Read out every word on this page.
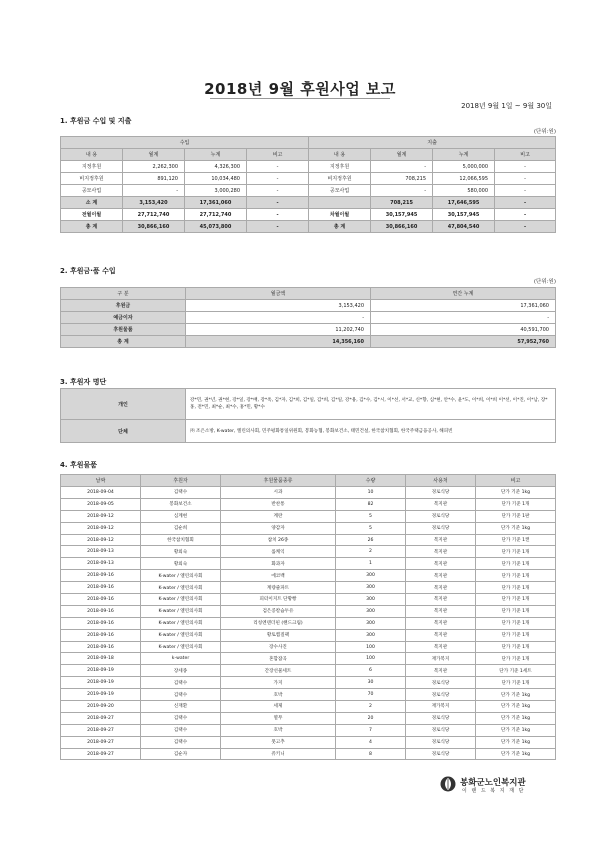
2018년 9월 후원사업 보고
2018년 9월 1일 ~ 9월 30일
1. 후원금 수입 및 지출
(단위:원)
수입				지출			
내 용	월계	누계	비고	내 용	월계	누계	비고
지정후원	2,262,300	4,326,300	-	지정후원	-	5,000,000	-
비지정후원	891,120	10,034,480	-	비지정후원	708,215	12,066,595	-
공모사업	-	3,000,280	-	공모사업	-	580,000	-
소 계	3,153,420	17,361,060	-		708,215	17,646,595	-
전월이월	27,712,740	27,712,740	-	차월이월	30,157,945	30,157,945	-
총 계	30,866,160	45,073,800	-	총 계	30,866,160	47,804,540	-
2. 후원금·품 수입
(단위:원)
구 분	월금액	연간 누계
후원금	3,153,420	17,361,060
예금이자	-	-
후원물품	11,202,740	40,591,700
총 계	14,356,160	57,952,760
3. 후원자 명단
개인	강*민, 권*년, 권*현, 강*일, 강*배, 강*옥, 김*자, 김*희, 김*일, 김*희, 김*일, 강*용, 김*수, 김*시, 이*선, 서*교, 신*향, 심*현, 안*수, 윤*도, 이*희, 이*희 이*선, 이*진, 이*남, 장*홍, 전*민, 최*순, 최*수, 홍*민, 황*수
단체	㈜ 조은소방, K-water, 엘린의사회, 민주평화통일위원회, 봉화농협, 봉화보건소, 태민건설, 한국참치협회, 한국주택금융공사, 해피빈
4. 후원물품
날짜	후원자	후원물품종류	수량	사용처	비고
2018-09-04	김택수	시과	10	경로식당	단가 기준 1kg
2018-09-05	봉화보건소	반찬통	82	복지관	단가 기준 1개
2018-09-12	심계현	계란	5	경로식당	단가 기준 1판
2018-09-12	김순희	양감자	5	경로식당	단가 기준 1kg
2018-09-12	한국참치협회	참치 26종	26	복지관	단가 기준 1캔
2018-09-13	황외숙	롤케익	2	복지관	단가 기준 1개
2018-09-13	황외숙	화과자	1	복지관	단가 기준 1개
2018-09-16	K-water / 엘린의사회	에코백	300	복지관	단가 기준 1개
2018-09-16	K-water / 엘린의사회	계량줄파트	300	복지관	단가 기준 1개
2018-09-16	K-water / 엘린의사회	피터이지트 단황빵	300	복지관	단가 기준 1개
2018-09-16	K-water / 엘린의사회	검은콩칼슘두유	300	복지관	단가 기준 1개
2018-09-16	K-water / 엘린의사회	리칭엔덴더핀 (핸드크림)	300	복지관	단가 기준 1개
2018-09-16	K-water / 엘린의사회	황토찜질팩	300	복지관	단가 기준 1개
2018-09-16	K-water / 엘린의사회	장수사진	100	복지관	단가 기준 1개
2018-09-18	k-water	혼합잡곡	100	재가복지	단가 기준 1개
2018-09-19	장세종	간장선물세트	6	복지관	단가 기준 1세트
2018-09-19	김택수	가지	30	경로식당	단가 기준 1개
2019-09-19	김택수	호박	70	경로식당	단가 기준 1kg
2019-09-20	신재환	세제	2	재가복지	단가 기준 1kg
2018-09-27	김택수	열무	20	경로식당	단가 기준 1kg
2018-09-27	김택수	호박	7	경로식당	단가 기준 1kg
2018-09-27	김택수	풋고추	4	경로식당	단가 기준 1kg
2018-09-27	김순자	쥬키니	8	경로식당	단가 기준 1kg
봉화군노인복지관
이 랜 드 복 지 재 단
